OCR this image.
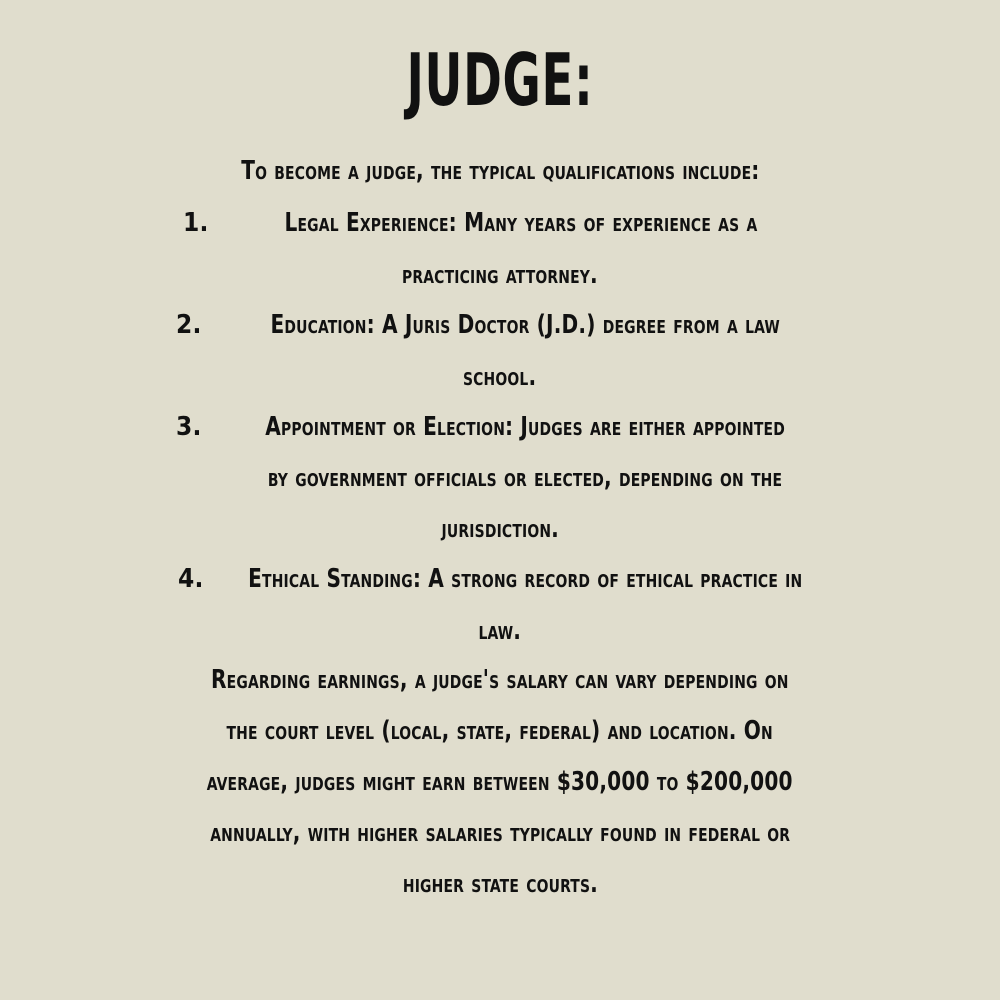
JUDGE:
To become a judge, the typical qualifications include:
1.	Legal Experience: Many years of experience as a
practicing attorney.
2.	Education: A Juris Doctor (J.D.) degree from a law
school.
3.	Appointment or Election: Judges are either appointed
by government officials or elected, depending on the
jurisdiction.
4.	Ethical Standing: A strong record of ethical practice in
law.
Regarding earnings, a judge's salary can vary depending on
the court level (local, state, federal) and location. On
average, judges might earn between $30,000 to $200,000
annually, with higher salaries typically found in federal or
higher state courts.
